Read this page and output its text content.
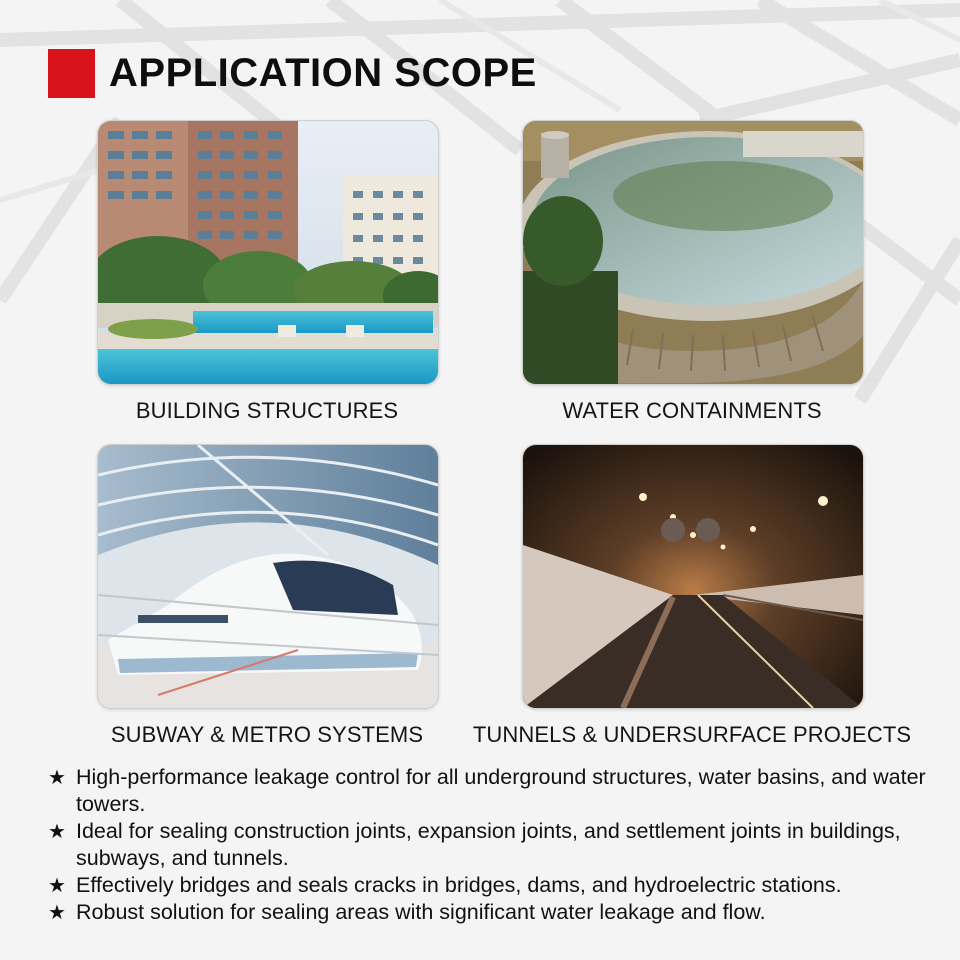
APPLICATION SCOPE
BUILDING STRUCTURES	WATER CONTAINMENTS
SUBWAY & METRO SYSTEMS	TUNNELS & UNDERSURFACE PROJECTS
★ High-performance leakage control for all underground structures, water basins, and water towers.
★ Ideal for sealing construction joints, expansion joints, and settlement joints in buildings, subways, and tunnels.
★ Effectively bridges and seals cracks in bridges, dams, and hydroelectric stations.
★ Robust solution for sealing areas with significant water leakage and flow.
